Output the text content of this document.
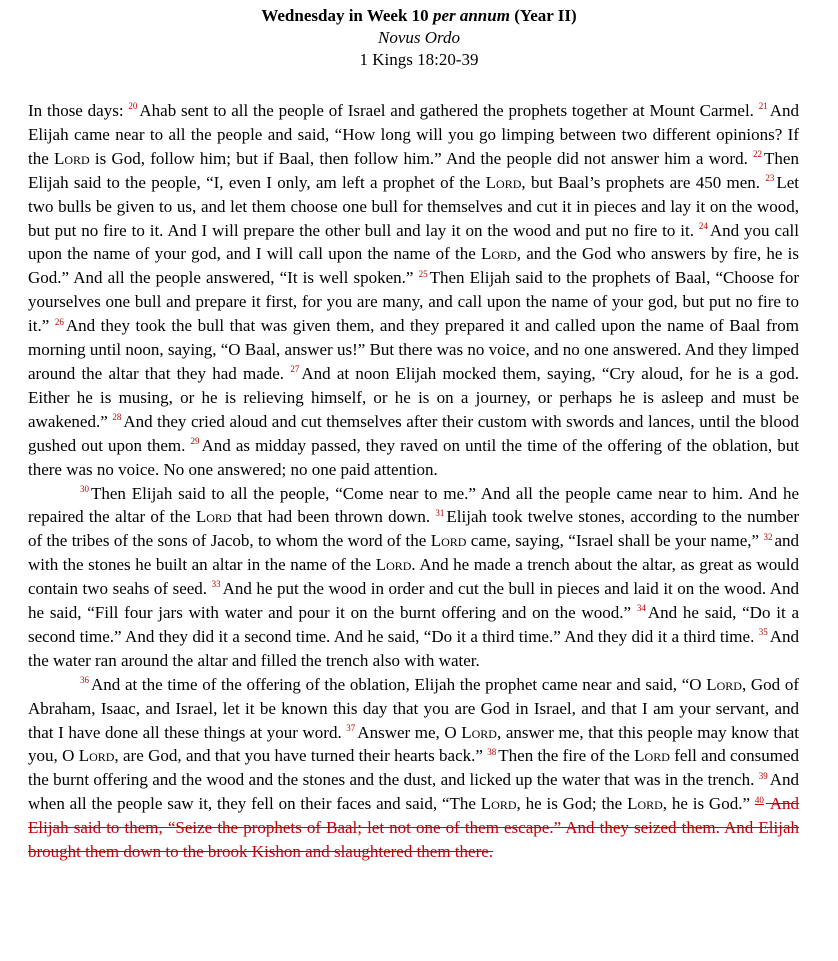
Wednesday in Week 10 per annum (Year II)
Novus Ordo
1 Kings 18:20-39

In those days: $^{20}$ Ahab sent to all the people of Israel and gathered the prophets together at Mount Carmel. $^{21}$ And Elijah came near to all the people and said, “How long will you go limping between two different opinions? If the Lord is God, follow him; but if Baal, then follow him.” And the people did not answer him a word. $^{22}$ Then Elijah said to the people, “I, even I only, am left a prophet of the Lord, but Baal’s prophets are 450 men. $^{23}$ Let two bulls be given to us, and let them choose one bull for themselves and cut it in pieces and lay it on the wood, but put no fire to it. And I will prepare the other bull and lay it on the wood and put no fire to it. $^{24}$ And you call upon the name of your god, and I will call upon the name of the Lord, and the God who answers by fire, he is God.” And all the people answered, “It is well spoken.” $^{25}$ Then Elijah said to the prophets of Baal, “Choose for yourselves one bull and prepare it first, for you are many, and call upon the name of your god, but put no fire to it.” $^{26}$ And they took the bull that was given them, and they prepared it and called upon the name of Baal from morning until noon, saying, “O Baal, answer us!” But there was no voice, and no one answered. And they limped around the altar that they had made. $^{27}$ And at noon Elijah mocked them, saying, “Cry aloud, for he is a god. Either he is musing, or he is relieving himself, or he is on a journey, or perhaps he is asleep and must be awakened.” $^{28}$ And they cried aloud and cut themselves after their custom with swords and lances, until the blood gushed out upon them. $^{29}$ And as midday passed, they raved on until the time of the offering of the oblation, but there was no voice. No one answered; no one paid attention.

$^{30}$ Then Elijah said to all the people, “Come near to me.” And all the people came near to him. And he repaired the altar of the Lord that had been thrown down. $^{31}$ Elijah took twelve stones, according to the number of the tribes of the sons of Jacob, to whom the word of the Lord came, saying, “Israel shall be your name,” $^{32}$ and with the stones he built an altar in the name of the Lord. And he made a trench about the altar, as great as would contain two seahs of seed. $^{33}$ And he put the wood in order and cut the bull in pieces and laid it on the wood. And he said, “Fill four jars with water and pour it on the burnt offering and on the wood.” $^{34}$ And he said, “Do it a second time.” And they did it a second time. And he said, “Do it a third time.” And they did it a third time. $^{35}$ And the water ran around the altar and filled the trench also with water.

$^{36}$ And at the time of the offering of the oblation, Elijah the prophet came near and said, “O Lord, God of Abraham, Isaac, and Israel, let it be known this day that you are God in Israel, and that I am your servant, and that I have done all these things at your word. $^{37}$ Answer me, O Lord, answer me, that this people may know that you, O Lord, are God, and that you have turned their hearts back.” $^{38}$ Then the fire of the Lord fell and consumed the burnt offering and the wood and the stones and the dust, and licked up the water that was in the trench. $^{39}$ And when all the people saw it, they fell on their faces and said, “The Lord, he is God; the Lord, he is God.” $^{40}$ And Elijah said to them, “Seize the prophets of Baal; let not one of them escape.” And they seized them. And Elijah brought them down to the brook Kishon and slaughtered them there.
